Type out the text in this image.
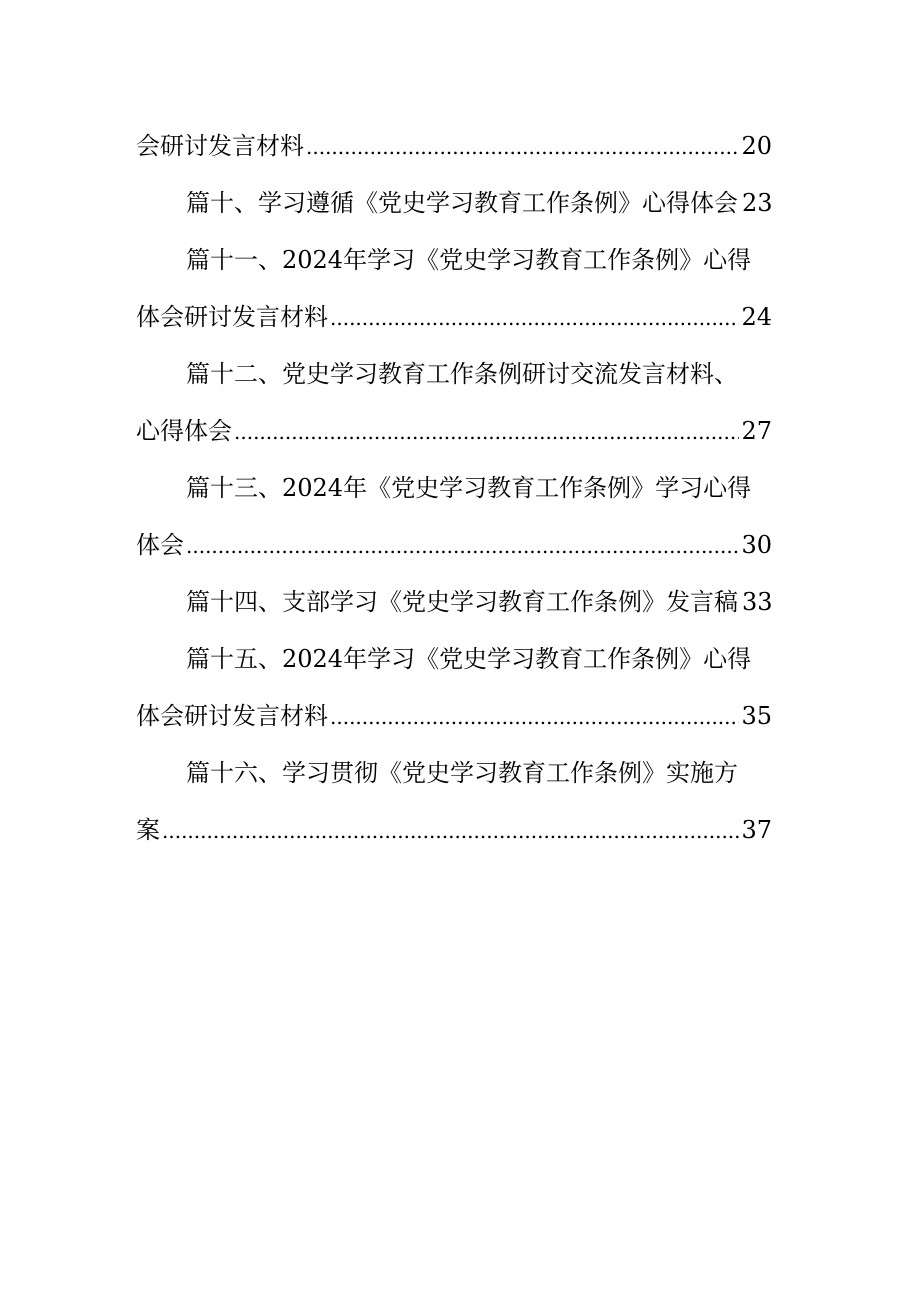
会研讨发言材料 .....	20
篇十、学习遵循《党史学习教育工作条例》心得体会 23
篇十一、2024年学习《党史学习教育工作条例》心得
体会研讨发言材料 .....	24
篇十二、党史学习教育工作条例研讨交流发言材料、
心得体会 .....	27
篇十三、2024年《党史学习教育工作条例》学习心得
体会 .....	30
篇十四、支部学习《党史学习教育工作条例》发言稿 33
篇十五、2024年学习《党史学习教育工作条例》心得
体会研讨发言材料 .....	35
篇十六、学习贯彻《党史学习教育工作条例》实施方
案 .....	37
